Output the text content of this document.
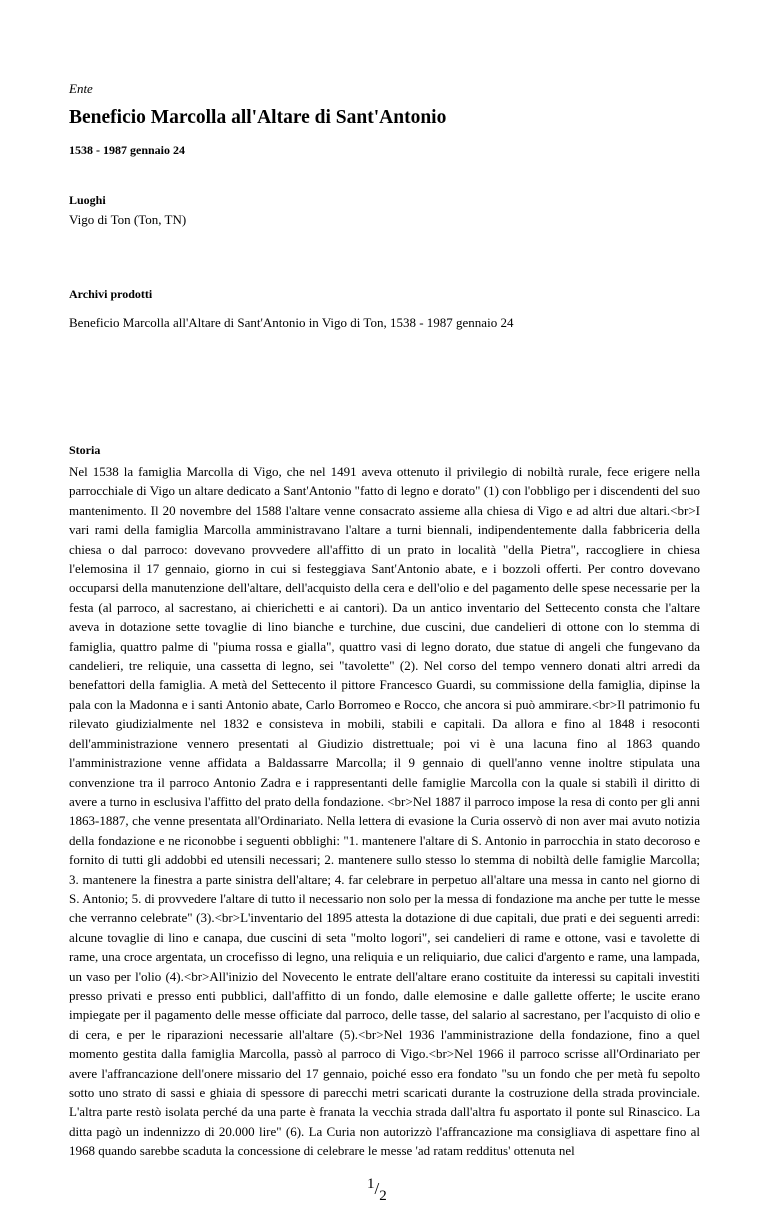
Ente
Beneficio Marcolla all'Altare di Sant'Antonio
1538 - 1987 gennaio 24
Luoghi
Vigo di Ton (Ton, TN)
Archivi prodotti
Beneficio Marcolla all'Altare di Sant'Antonio in Vigo di Ton, 1538 - 1987 gennaio 24
Storia
Nel 1538 la famiglia Marcolla di Vigo, che nel 1491 aveva ottenuto il privilegio di nobiltà rurale, fece erigere nella parrocchiale di Vigo un altare dedicato a Sant'Antonio "fatto di legno e dorato" (1) con l'obbligo per i discendenti del suo mantenimento. Il 20 novembre del 1588 l'altare venne consacrato assieme alla chiesa di Vigo e ad altri due altari.<br>I vari rami della famiglia Marcolla amministravano l'altare a turni biennali, indipendentemente dalla fabbriceria della chiesa o dal parroco: dovevano provvedere all'affitto di un prato in località "della Pietra", raccogliere in chiesa l'elemosina il 17 gennaio, giorno in cui si festeggiava Sant'Antonio abate, e i bozzoli offerti. Per contro dovevano occuparsi della manutenzione dell'altare, dell'acquisto della cera e dell'olio e del pagamento delle spese necessarie per la festa (al parroco, al sacrestano, ai chierichetti e ai cantori). Da un antico inventario del Settecento consta che l'altare aveva in dotazione sette tovaglie di lino bianche e turchine, due cuscini, due candelieri di ottone con lo stemma di famiglia, quattro palme di "piuma rossa e gialla", quattro vasi di legno dorato, due statue di angeli che fungevano da candelieri, tre reliquie, una cassetta di legno, sei "tavolette" (2). Nel corso del tempo vennero donati altri arredi da benefattori della famiglia. A metà del Settecento il pittore Francesco Guardi, su commissione della famiglia, dipinse la pala con la Madonna e i santi Antonio abate, Carlo Borromeo e Rocco, che ancora si può ammirare.<br>Il patrimonio fu rilevato giudizialmente nel 1832 e consisteva in mobili, stabili e capitali. Da allora e fino al 1848 i resoconti dell'amministrazione vennero presentati al Giudizio distrettuale; poi vi è una lacuna fino al 1863 quando l'amministrazione venne affidata a Baldassarre Marcolla; il 9 gennaio di quell'anno venne inoltre stipulata una convenzione tra il parroco Antonio Zadra e i rappresentanti delle famiglie Marcolla con la quale si stabilì il diritto di avere a turno in esclusiva l'affitto del prato della fondazione. <br>Nel 1887 il parroco impose la resa di conto per gli anni 1863-1887, che venne presentata all'Ordinariato. Nella lettera di evasione la Curia osservò di non aver mai avuto notizia della fondazione e ne riconobbe i seguenti obblighi: "1. mantenere l'altare di S. Antonio in parrocchia in stato decoroso e fornito di tutti gli addobbi ed utensili necessari; 2. mantenere sullo stesso lo stemma di nobiltà delle famiglie Marcolla; 3. mantenere la finestra a parte sinistra dell'altare; 4. far celebrare in perpetuo all'altare una messa in canto nel giorno di S. Antonio; 5. di provvedere l'altare di tutto il necessario non solo per la messa di fondazione ma anche per tutte le messe che verranno celebrate" (3).<br>L'inventario del 1895 attesta la dotazione di due capitali, due prati e dei seguenti arredi: alcune tovaglie di lino e canapa, due cuscini di seta "molto logori", sei candelieri di rame e ottone, vasi e tavolette di rame, una croce argentata, un crocefisso di legno, una reliquia e un reliquiario, due calici d'argento e rame, una lampada, un vaso per l'olio (4).<br>All'inizio del Novecento le entrate dell'altare erano costituite da interessi su capitali investiti presso privati e presso enti pubblici, dall'affitto di un fondo, dalle elemosine e dalle gallette offerte; le uscite erano impiegate per il pagamento delle messe officiate dal parroco, delle tasse, del salario al sacrestano, per l'acquisto di olio e di cera, e per le riparazioni necessarie all'altare (5).<br>Nel 1936 l'amministrazione della fondazione, fino a quel momento gestita dalla famiglia Marcolla, passò al parroco di Vigo.<br>Nel 1966 il parroco scrisse all'Ordinariato per avere l'affrancazione dell'onere missario del 17 gennaio, poiché esso era fondato "su un fondo che per metà fu sepolto sotto uno strato di sassi e ghiaia di spessore di parecchi metri scaricati durante la costruzione della strada provinciale. L'altra parte restò isolata perché da una parte è franata la vecchia strada dall'altra fu asportato il ponte sul Rinascico. La ditta pagò un indennizzo di 20.000 lire" (6). La Curia non autorizzò l'affrancazione ma consigliava di aspettare fino al 1968 quando sarebbe scaduta la concessione di celebrare le messe 'ad ratam redditus' ottenuta nel
$^1/_2$
